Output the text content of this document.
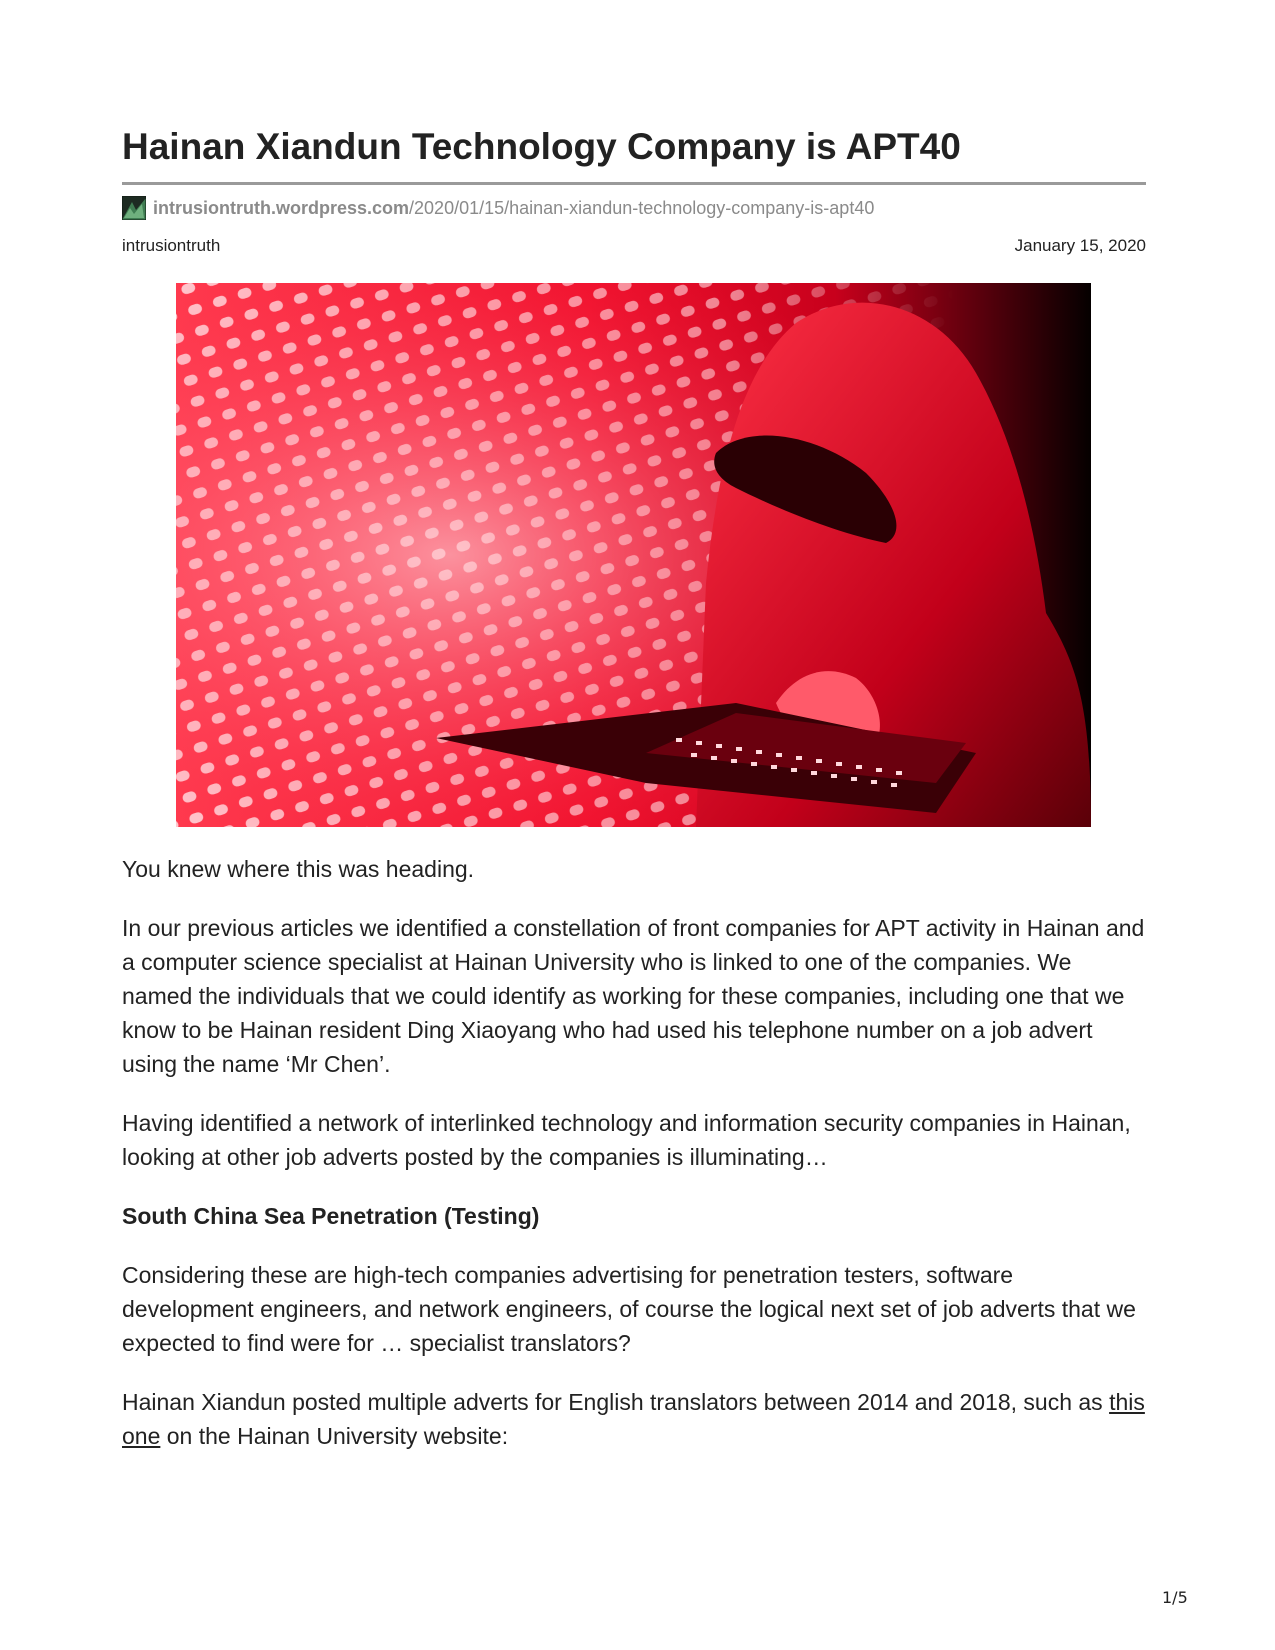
Hainan Xiandun Technology Company is APT40
intrusiontruth.wordpress.com /2020/01/15/hainan-xiandun-technology-company-is-apt40
intrusiontruth	January 15, 2020

You knew where this was heading.

In our previous articles we identified a constellation of front companies for APT activity in Hainan and a computer science specialist at Hainan University who is linked to one of the companies. We named the individuals that we could identify as working for these companies, including one that we know to be Hainan resident Ding Xiaoyang who had used his telephone number on a job advert using the name ‘Mr Chen’.

Having identified a network of interlinked technology and information security companies in Hainan, looking at other job adverts posted by the companies is illuminating…

South China Sea Penetration (Testing)

Considering these are high-tech companies advertising for penetration testers, software development engineers, and network engineers, of course the logical next set of job adverts that we expected to find were for … specialist translators?

Hainan Xiandun posted multiple adverts for English translators between 2014 and 2018, such as this one on the Hainan University website:

1/5
